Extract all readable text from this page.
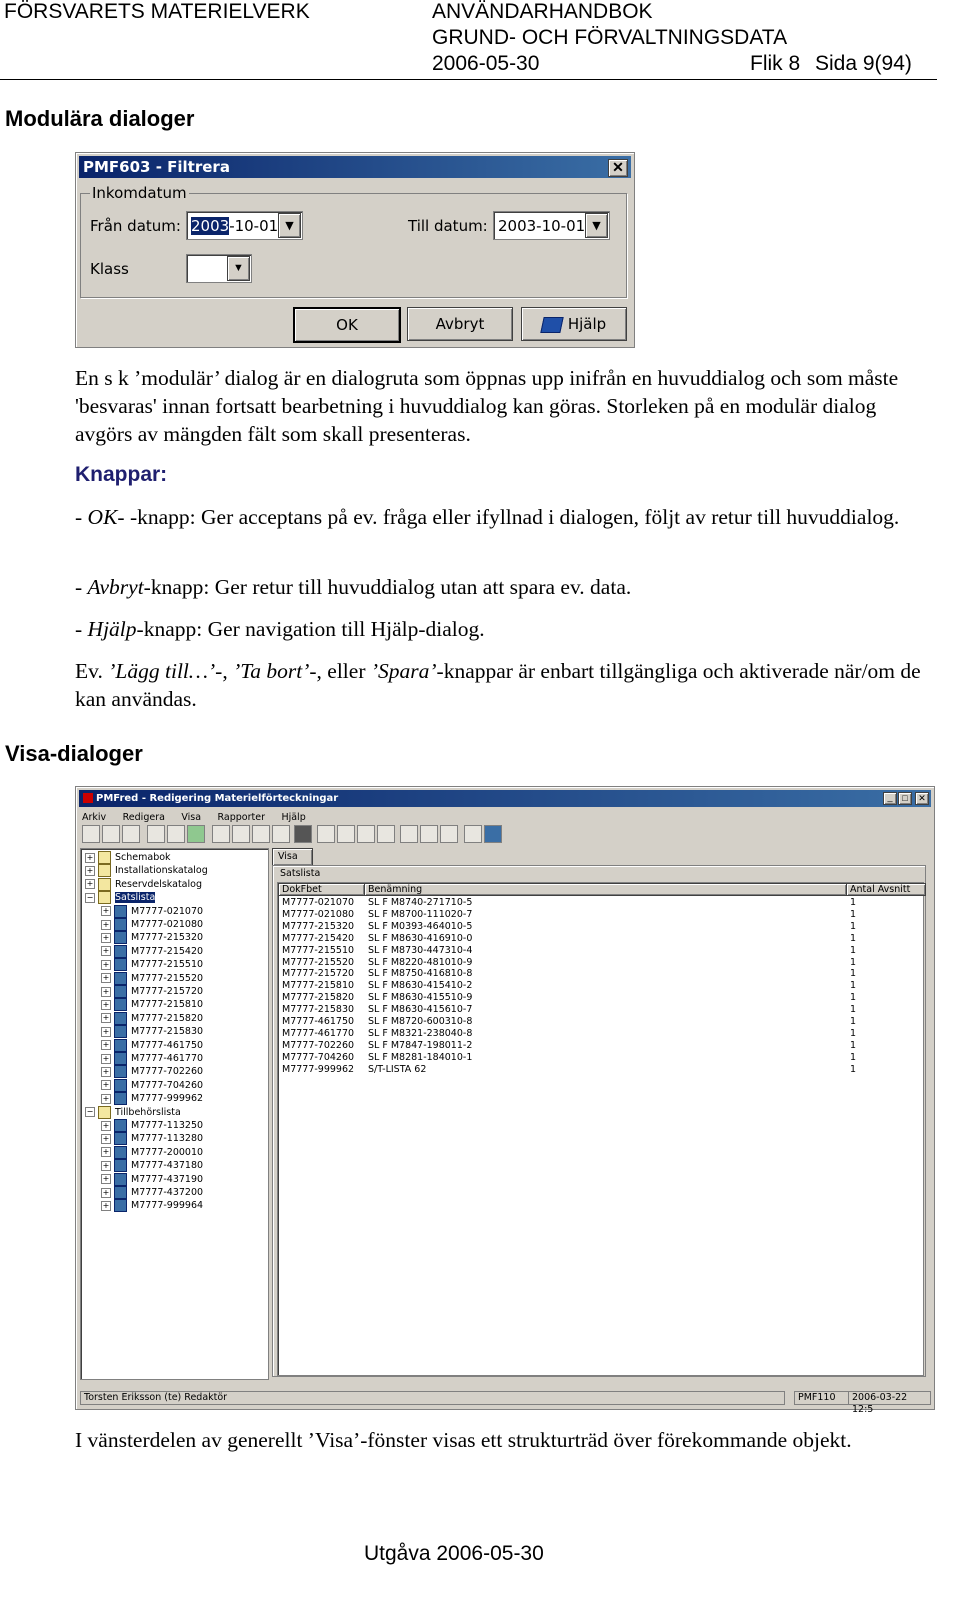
FÖRSVARETS MATERIELVERK	ANVÄNDARHANDBOK
GRUND- OCH FÖRVALTNINGSDATA
2006-05-30	Flik 8 Sida 9(94)
Modulära dialoger
PMF603 - Filtrera	✕
Inkomdatum
Från datum: 2003-10-01 ▼	Till datum: 2003-10-01 ▼
Klass	▼
OK	Avbryt	Hjälp
En s k ’modulär’ dialog är en dialogruta som öppnas upp inifrån en huvuddialog och som måste 'besvaras' innan fortsatt bearbetning i huvuddialog kan göras. Storleken på en modulär dialog avgörs av mängden fält som skall presenteras.
Knappar:
- OK- -knapp: Ger acceptans på ev. fråga eller ifyllnad i dialogen, följt av retur till huvuddialog.
- Avbryt-knapp: Ger retur till huvuddialog utan att spara ev. data.
- Hjälp-knapp: Ger navigation till Hjälp-dialog.
Ev. ’Lägg till…’-, ’Ta bort’-, eller ’Spara’-knappar är enbart tillgängliga och aktiverade när/om de kan användas.
Visa-dialoger
PMFred - Redigering Materielförteckningar	_	□	✕
Arkiv Redigera Visa Rapporter Hjälp
+ Schemabok
+ Installationskatalog
+ Reservdelskatalog
− Satslista
+ M7777-021070
+ M7777-021080
+ M7777-215320
+ M7777-215420
+ M7777-215510
+ M7777-215520
+ M7777-215720
+ M7777-215810
+ M7777-215820
+ M7777-215830
+ M7777-461750
+ M7777-461770
+ M7777-702260
+ M7777-704260
+ M7777-999962
− Tillbehörslista
+ M7777-113250
+ M7777-113280
+ M7777-200010
+ M7777-437180
+ M7777-437190
+ M7777-437200
+ M7777-999964
Visa
Satslista
DokFbet	Benämning	Antal Avsnitt
M7777-021070 SL F M8740-271710-5	1
M7777-021080 SL F M8700-111020-7	1
M7777-215320 SL F M0393-464010-5	1
M7777-215420 SL F M8630-416910-0	1
M7777-215510 SL F M8730-447310-4	1
M7777-215520 SL F M8220-481010-9	1
M7777-215720 SL F M8750-416810-8	1
M7777-215810 SL F M8630-415410-2	1
M7777-215820 SL F M8630-415510-9	1
M7777-215830 SL F M8630-415610-7	1
M7777-461750 SL F M8720-600310-8	1
M7777-461770 SL F M8321-238040-8	1
M7777-702260 SL F M7847-198011-2	1
M7777-704260 SL F M8281-184010-1	1
M7777-999962 S/T-LISTA 62	1
Torsten Eriksson (te) Redaktör	PMF110	2006-03-22 12:5
I vänsterdelen av generellt ’Visa’-fönster visas ett strukturträd över förekommande objekt.
Utgåva 2006-05-30
